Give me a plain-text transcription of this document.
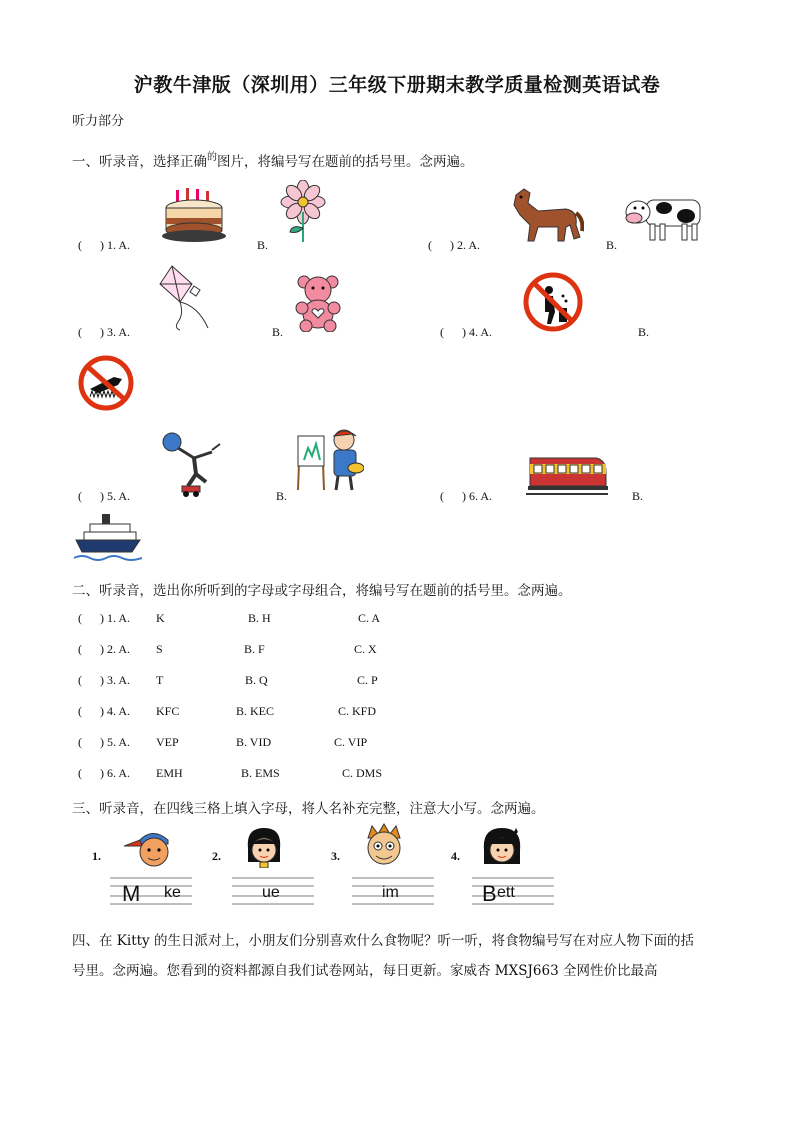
沪教牛津版（深圳用）三年级下册期末教学质量检测英语试卷
听力部分
一、听录音，选择正确$^的$图片，将编号写在题前的括号里。念两遍。
(      ) 1. A.	B.	(      ) 2. A.	B.
(      ) 3. A.	B.	(      ) 4. A.	B.
(      ) 5. A.	B.	(      ) 6. A.	B.
二、听录音，选出你所听到的字母或字母组合，将编号写在题前的括号里。念两遍。
(      ) 1. A. K	B. H	C. A
(      ) 2. A. S	B. F	C. X
(      ) 3. A. T	B. Q	C. P
(      ) 4. A. KFC	B. KEC	C. KFD
(      ) 5. A. VEP	B. VID	C. VIP
(      ) 6. A. EMH	B. EMS	C. DMS
三、听录音，在四线三格上填入字母，将人名补充完整，注意大小写。念两遍。
1.
M ke
2.
ue
3.
im
4.
B ett
四、在 Kitty 的生日派对上，小朋友们分别喜欢什么食物呢？听一听，将食物编号写在对应人物下面的括
号里。念两遍。您看到的资料都源自我们试卷网站，每日更新。家威杏 MXSJ663 全网性价比最高
